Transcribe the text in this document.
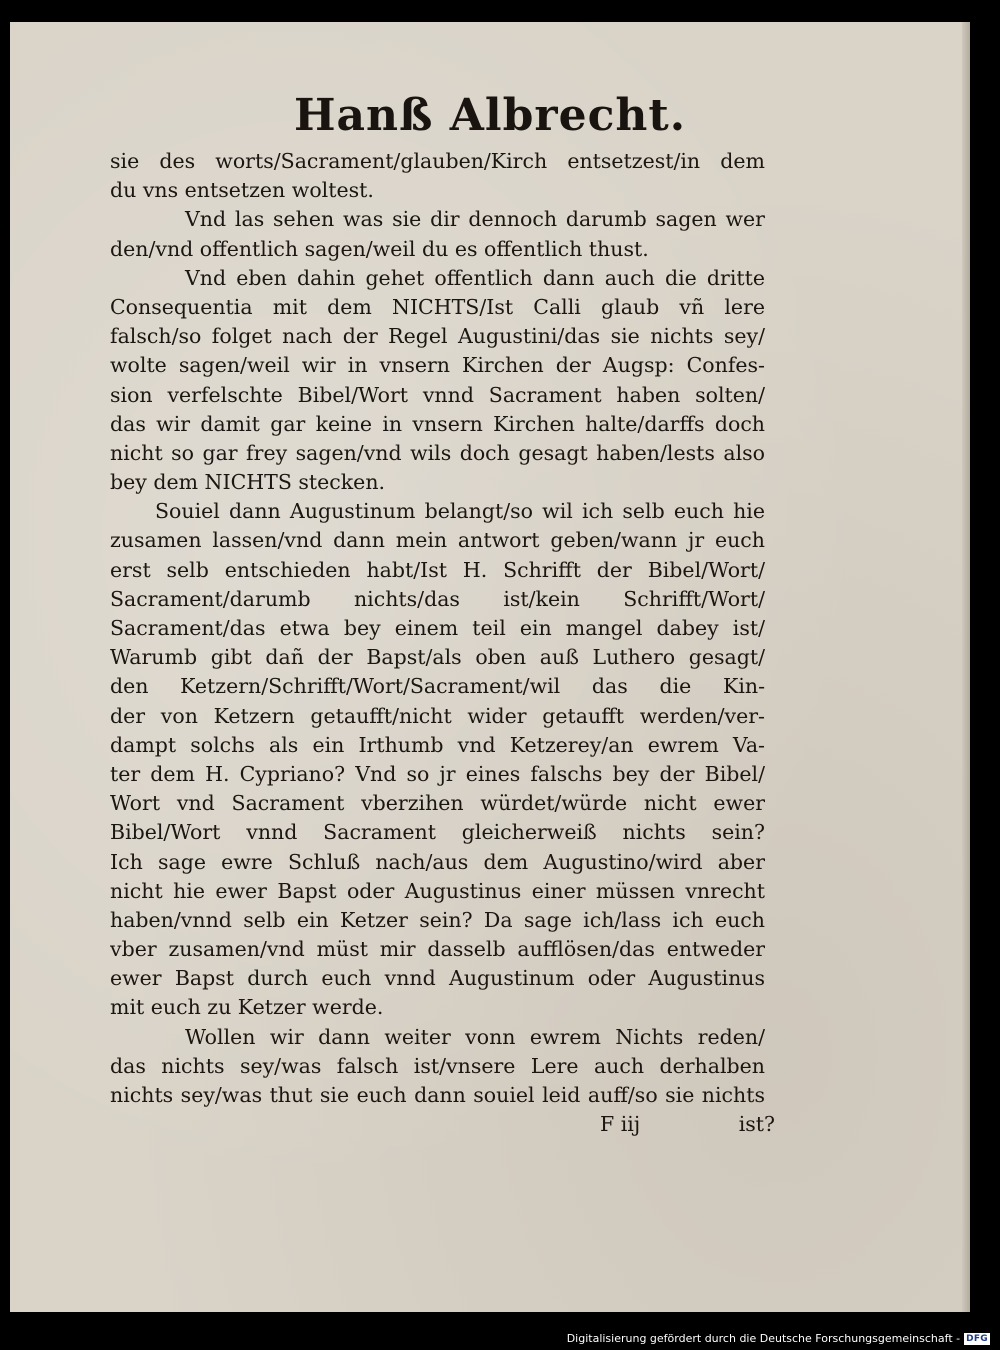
Hanß Albrecht.
sie des worts/Sacrament/glauben/Kirch entsetzest/in dem
du vns entsetzen woltest.
Vnd las sehen was sie dir dennoch darumb sagen wer
den/vnd offentlich sagen/weil du es offentlich thust.
Vnd eben dahin gehet offentlich dann auch die dritte
Consequentia mit dem NICHTS/Ist Calli glaub vñ lere
falsch/so folget nach der Regel Augustini/das sie nichts sey/
wolte sagen/weil wir in vnsern Kirchen der Augsp: Confes-
sion verfelschte Bibel/Wort vnnd Sacrament haben solten/
das wir damit gar keine in vnsern Kirchen halte/darffs doch
nicht so gar frey sagen/vnd wils doch gesagt haben/lests also
bey dem NICHTS stecken.
Souiel dann Augustinum belangt/so wil ich selb euch hie
zusamen lassen/vnd dann mein antwort geben/wann jr euch
erst selb entschieden habt/Ist H. Schrifft der Bibel/Wort/
Sacrament/darumb nichts/das ist/kein Schrifft/Wort/
Sacrament/das etwa bey einem teil ein mangel dabey ist/
Warumb gibt dañ der Bapst/als oben auß Luthero gesagt/
den Ketzern/Schrifft/Wort/Sacrament/wil das die Kin-
der von Ketzern getaufft/nicht wider getaufft werden/ver-
dampt solchs als ein Irthumb vnd Ketzerey/an ewrem Va-
ter dem H. Cypriano? Vnd so jr eines falschs bey der Bibel/
Wort vnd Sacrament vberzihen würdet/würde nicht ewer
Bibel/Wort vnnd Sacrament gleicherweiß nichts sein?
Ich sage ewre Schluß nach/aus dem Augustino/wird aber
nicht hie ewer Bapst oder Augustinus einer müssen vnrecht
haben/vnnd selb ein Ketzer sein? Da sage ich/lass ich euch
vber zusamen/vnd müst mir dasselb aufflösen/das entweder
ewer Bapst durch euch vnnd Augustinum oder Augustinus
mit euch zu Ketzer werde.
Wollen wir dann weiter vonn ewrem Nichts reden/
das nichts sey/was falsch ist/vnsere Lere auch derhalben
nichts sey/was thut sie euch dann souiel leid auff/so sie nichts
F iij	ist?
Digitalisierung gefördert durch die Deutsche Forschungsgemeinschaft - DFG
